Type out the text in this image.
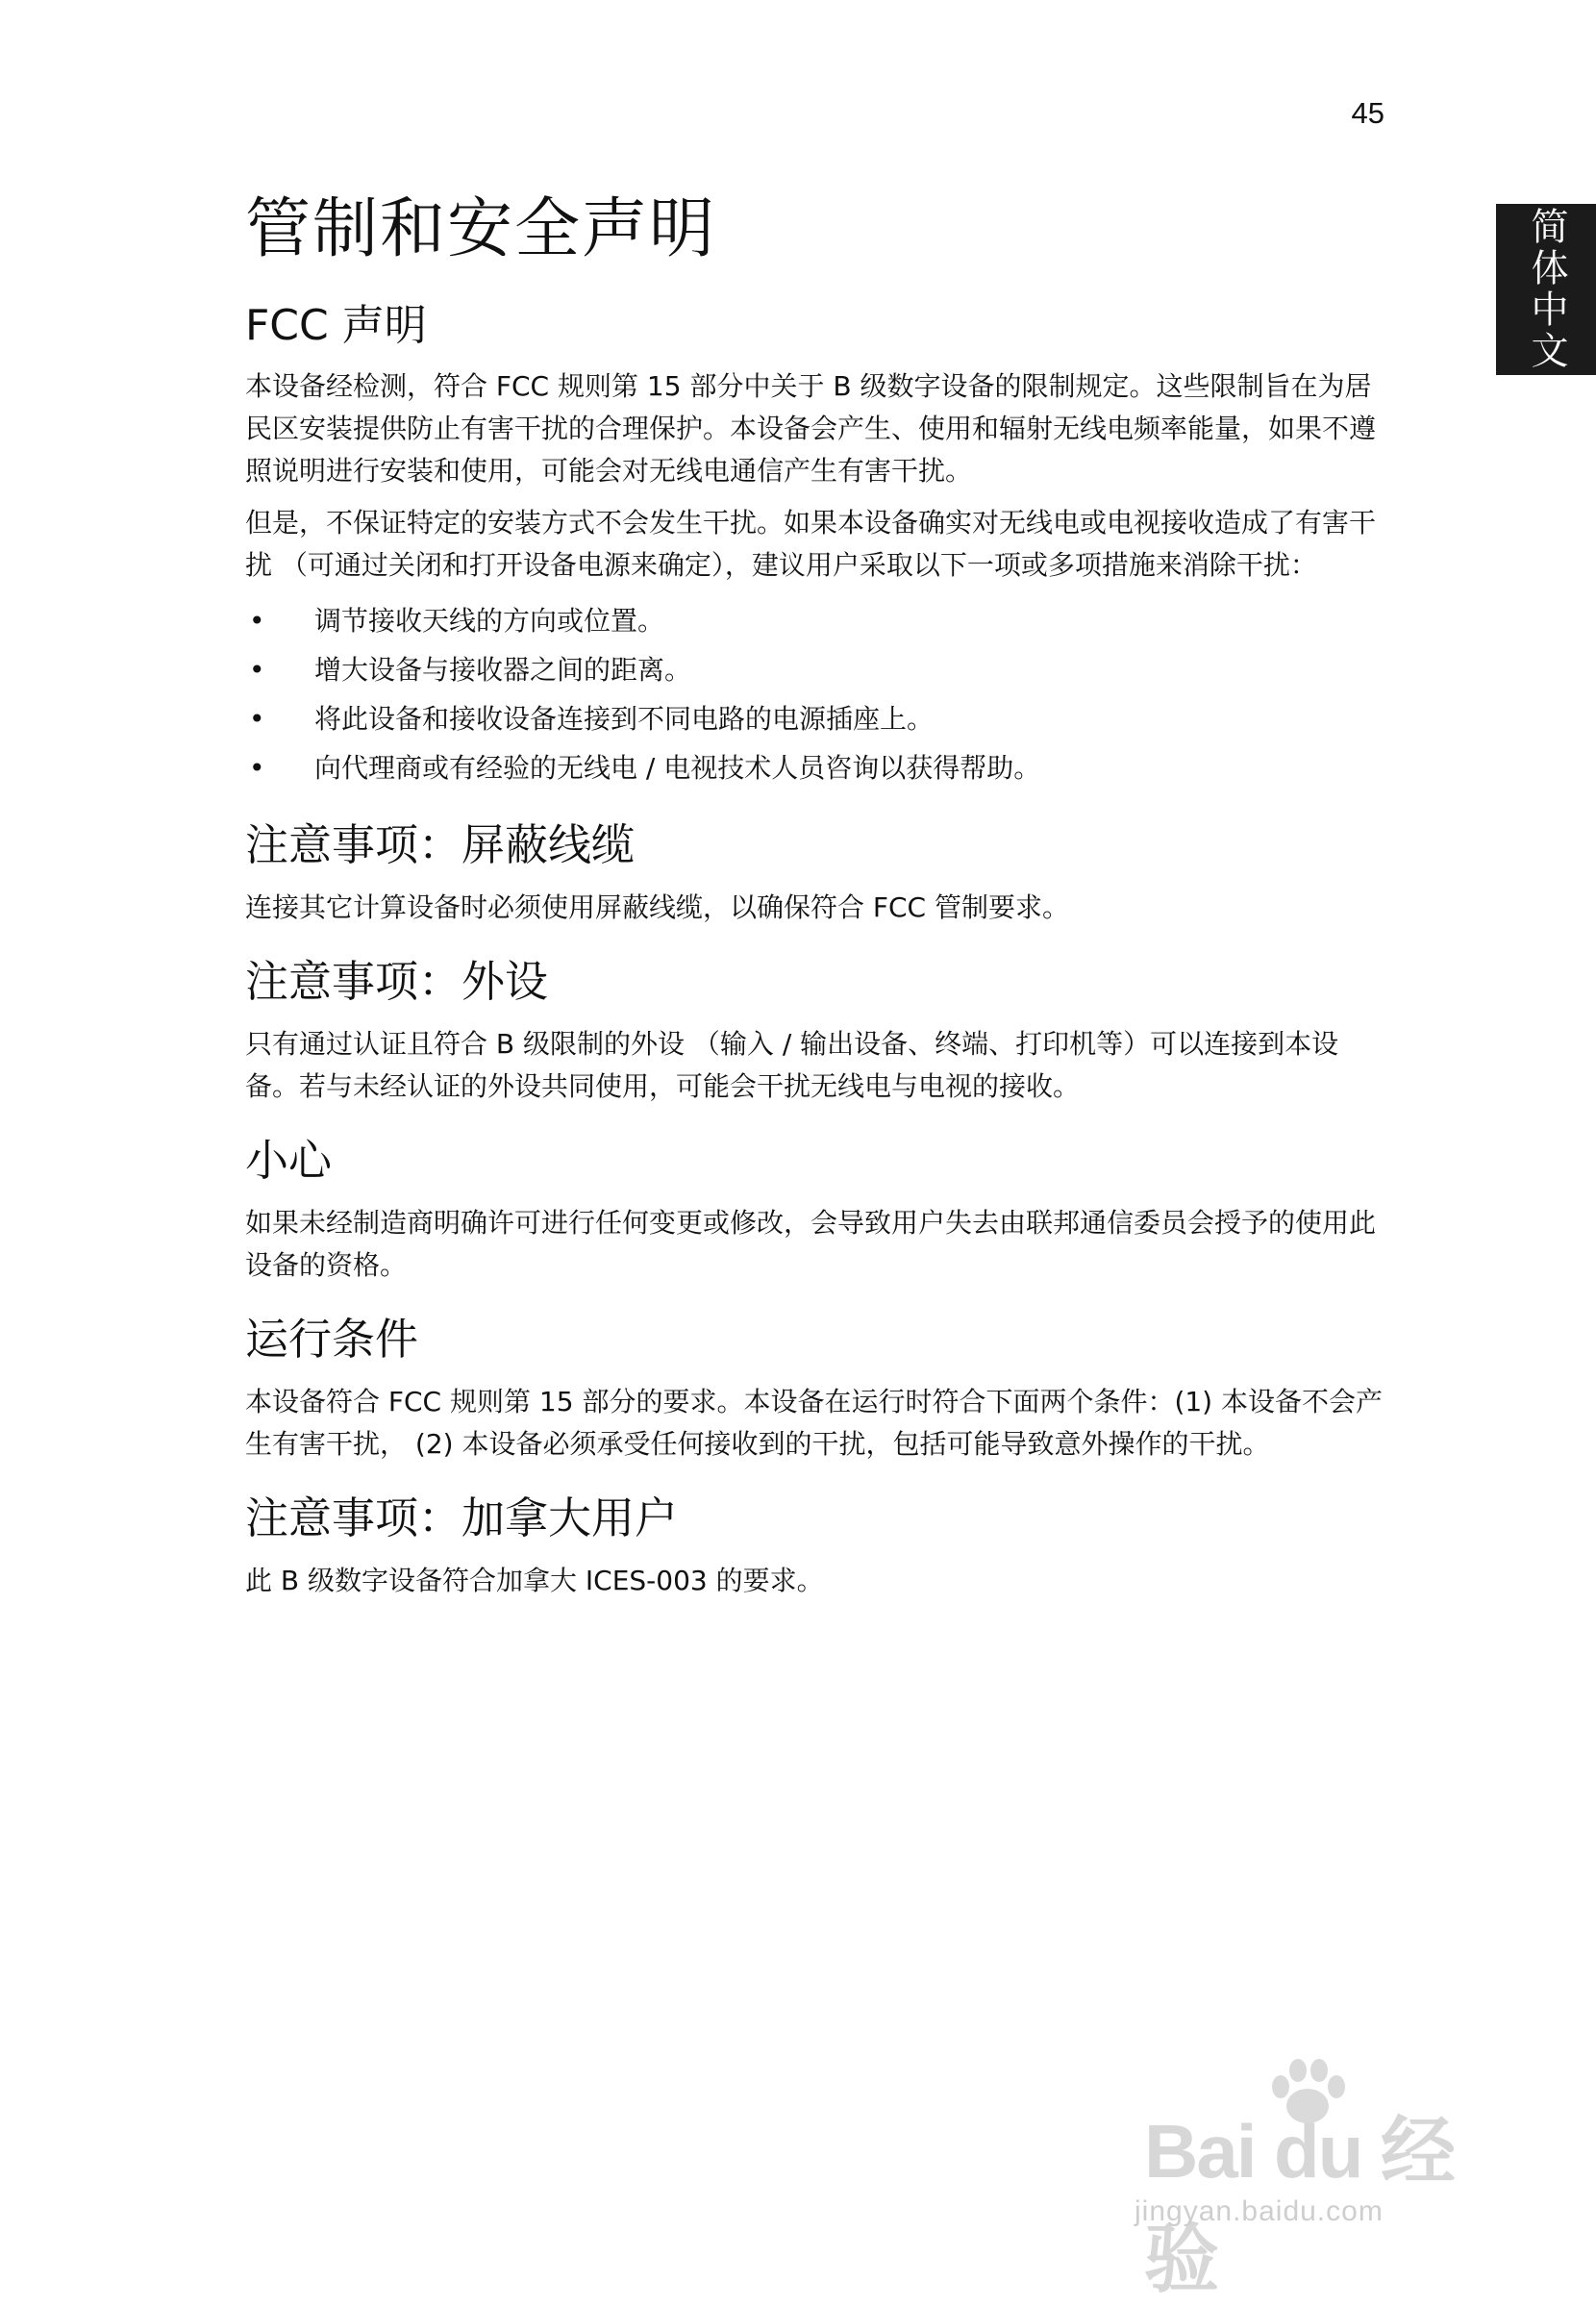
45
简体中文
管制和安全声明
FCC 声明

本设备经检测，符合 FCC 规则第 15 部分中关于 B 级数字设备的限制规定。这些限制旨在为居民区安装提供防止有害干扰的合理保护。本设备会产生、使用和辐射无线电频率能量，如果不遵照说明进行安装和使用，可能会对无线电通信产生有害干扰。

但是，不保证特定的安装方式不会发生干扰。如果本设备确实对无线电或电视接收造成了有害干扰 （可通过关闭和打开设备电源来确定），建议用户采取以下一项或多项措施来消除干扰：

• 调节接收天线的方向或位置。
• 增大设备与接收器之间的距离。
• 将此设备和接收设备连接到不同电路的电源插座上。
• 向代理商或有经验的无线电 / 电视技术人员咨询以获得帮助。
注意事项：屏蔽线缆

连接其它计算设备时必须使用屏蔽线缆，以确保符合 FCC 管制要求。

注意事项：外设

只有通过认证且符合 B 级限制的外设 （输入 / 输出设备、终端、打印机等）可以连接到本设备。若与未经认证的外设共同使用，可能会干扰无线电与电视的接收。

小心

如果未经制造商明确许可进行任何变更或修改，会导致用户失去由联邦通信委员会授予的使用此设备的资格。

运行条件

本设备符合 FCC 规则第 15 部分的要求。本设备在运行时符合下面两个条件：(1) 本设备不会产生有害干扰， (2) 本设备必须承受任何接收到的干扰，包括可能导致意外操作的干扰。

注意事项：加拿大用户

此 B 级数字设备符合加拿大 ICES-003 的要求。

Bai du 经验
jingyan.baidu.com
